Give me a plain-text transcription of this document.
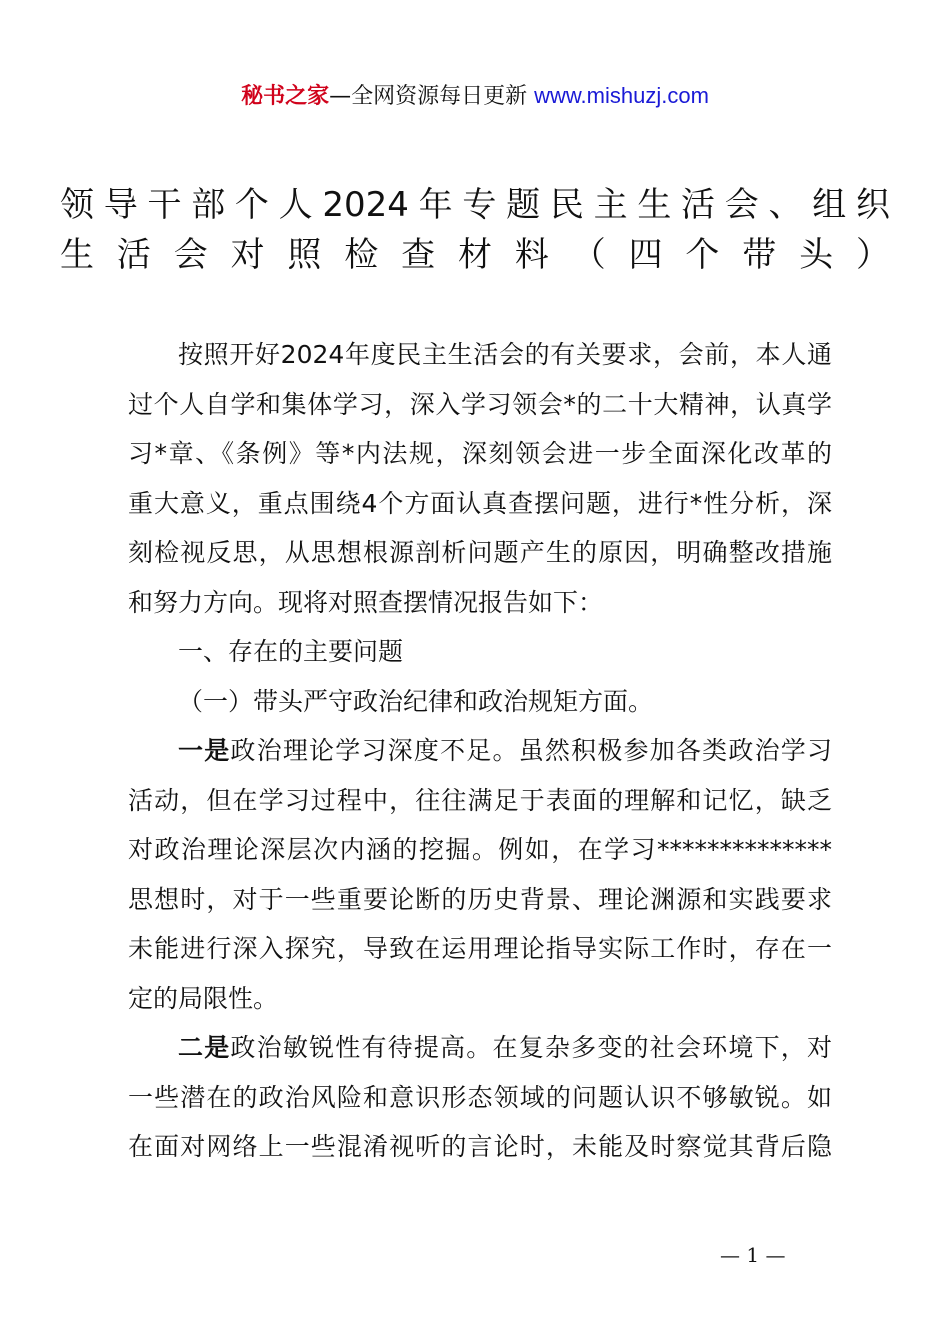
秘书之家—全网资源每日更新 www.mishuzj.com
领导干部个人2024年专题民主生活会、组织
生活会对照检查材料（四个带头）
按照开好2024年度民主生活会的有关要求，会前，本人通
过个人自学和集体学习，深入学习领会*的二十大精神，认真学
习*章、《条例》等*内法规，深刻领会进一步全面深化改革的
重大意义，重点围绕4个方面认真查摆问题，进行*性分析，深
刻检视反思，从思想根源剖析问题产生的原因，明确整改措施
和努力方向。现将对照查摆情况报告如下：
一、存在的主要问题
（一）带头严守政治纪律和政治规矩方面。
一是政治理论学习深度不足。虽然积极参加各类政治学习
活动，但在学习过程中，往往满足于表面的理解和记忆，缺乏
对政治理论深层次内涵的挖掘。例如，在学习**************
思想时，对于一些重要论断的历史背景、理论渊源和实践要求
未能进行深入探究，导致在运用理论指导实际工作时，存在一
定的局限性。
二是政治敏锐性有待提高。在复杂多变的社会环境下，对
一些潜在的政治风险和意识形态领域的问题认识不够敏锐。如
在面对网络上一些混淆视听的言论时，未能及时察觉其背后隐
— 1 —
